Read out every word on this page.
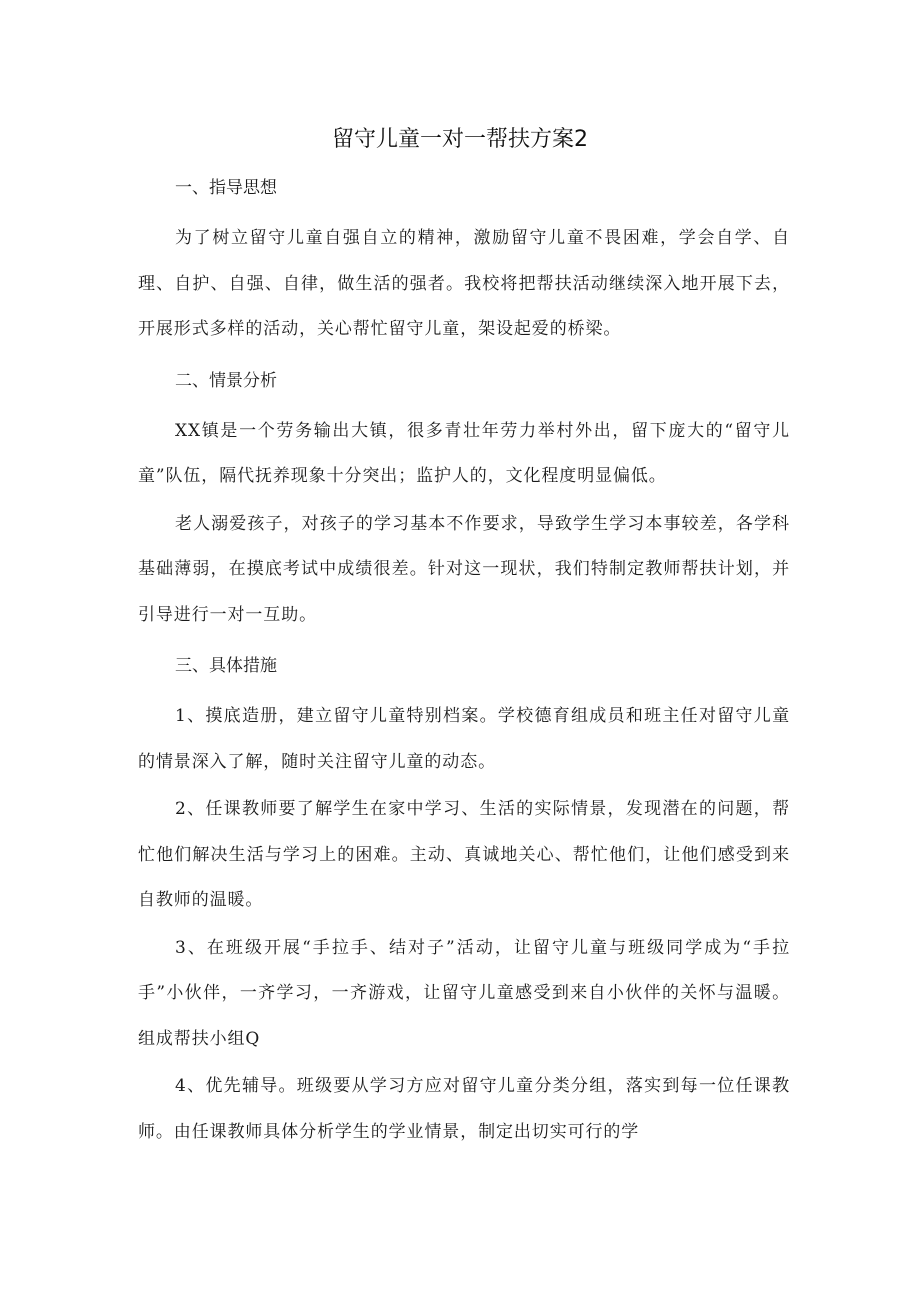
留守儿童一对一帮扶方案2
一、指导思想

为了树立留守儿童自强自立的精神，激励留守儿童不畏困难，学会自学、自理、自护、自强、自律，做生活的强者。我校将把帮扶活动继续深入地开展下去，开展形式多样的活动，关心帮忙留守儿童，架设起爱的桥梁。

二、情景分析

XX镇是一个劳务输出大镇，很多青壮年劳力举村外出，留下庞大的“留守儿童”队伍，隔代抚养现象十分突出；监护人的，文化程度明显偏低。

老人溺爱孩子，对孩子的学习基本不作要求，导致学生学习本事较差，各学科基础薄弱，在摸底考试中成绩很差。针对这一现状，我们特制定教师帮扶计划，并引导进行一对一互助。

三、具体措施

1、摸底造册，建立留守儿童特别档案。学校德育组成员和班主任对留守儿童的情景深入了解，随时关注留守儿童的动态。

2、任课教师要了解学生在家中学习、生活的实际情景，发现潜在的问题，帮忙他们解决生活与学习上的困难。主动、真诚地关心、帮忙他们，让他们感受到来自教师的温暖。

3、在班级开展“手拉手、结对子”活动，让留守儿童与班级同学成为“手拉手”小伙伴，一齐学习，一齐游戏，让留守儿童感受到来自小伙伴的关怀与温暖。组成帮扶小组Q

4、优先辅导。班级要从学习方应对留守儿童分类分组，落实到每一位任课教师。由任课教师具体分析学生的学业情景，制定出切实可行的学
